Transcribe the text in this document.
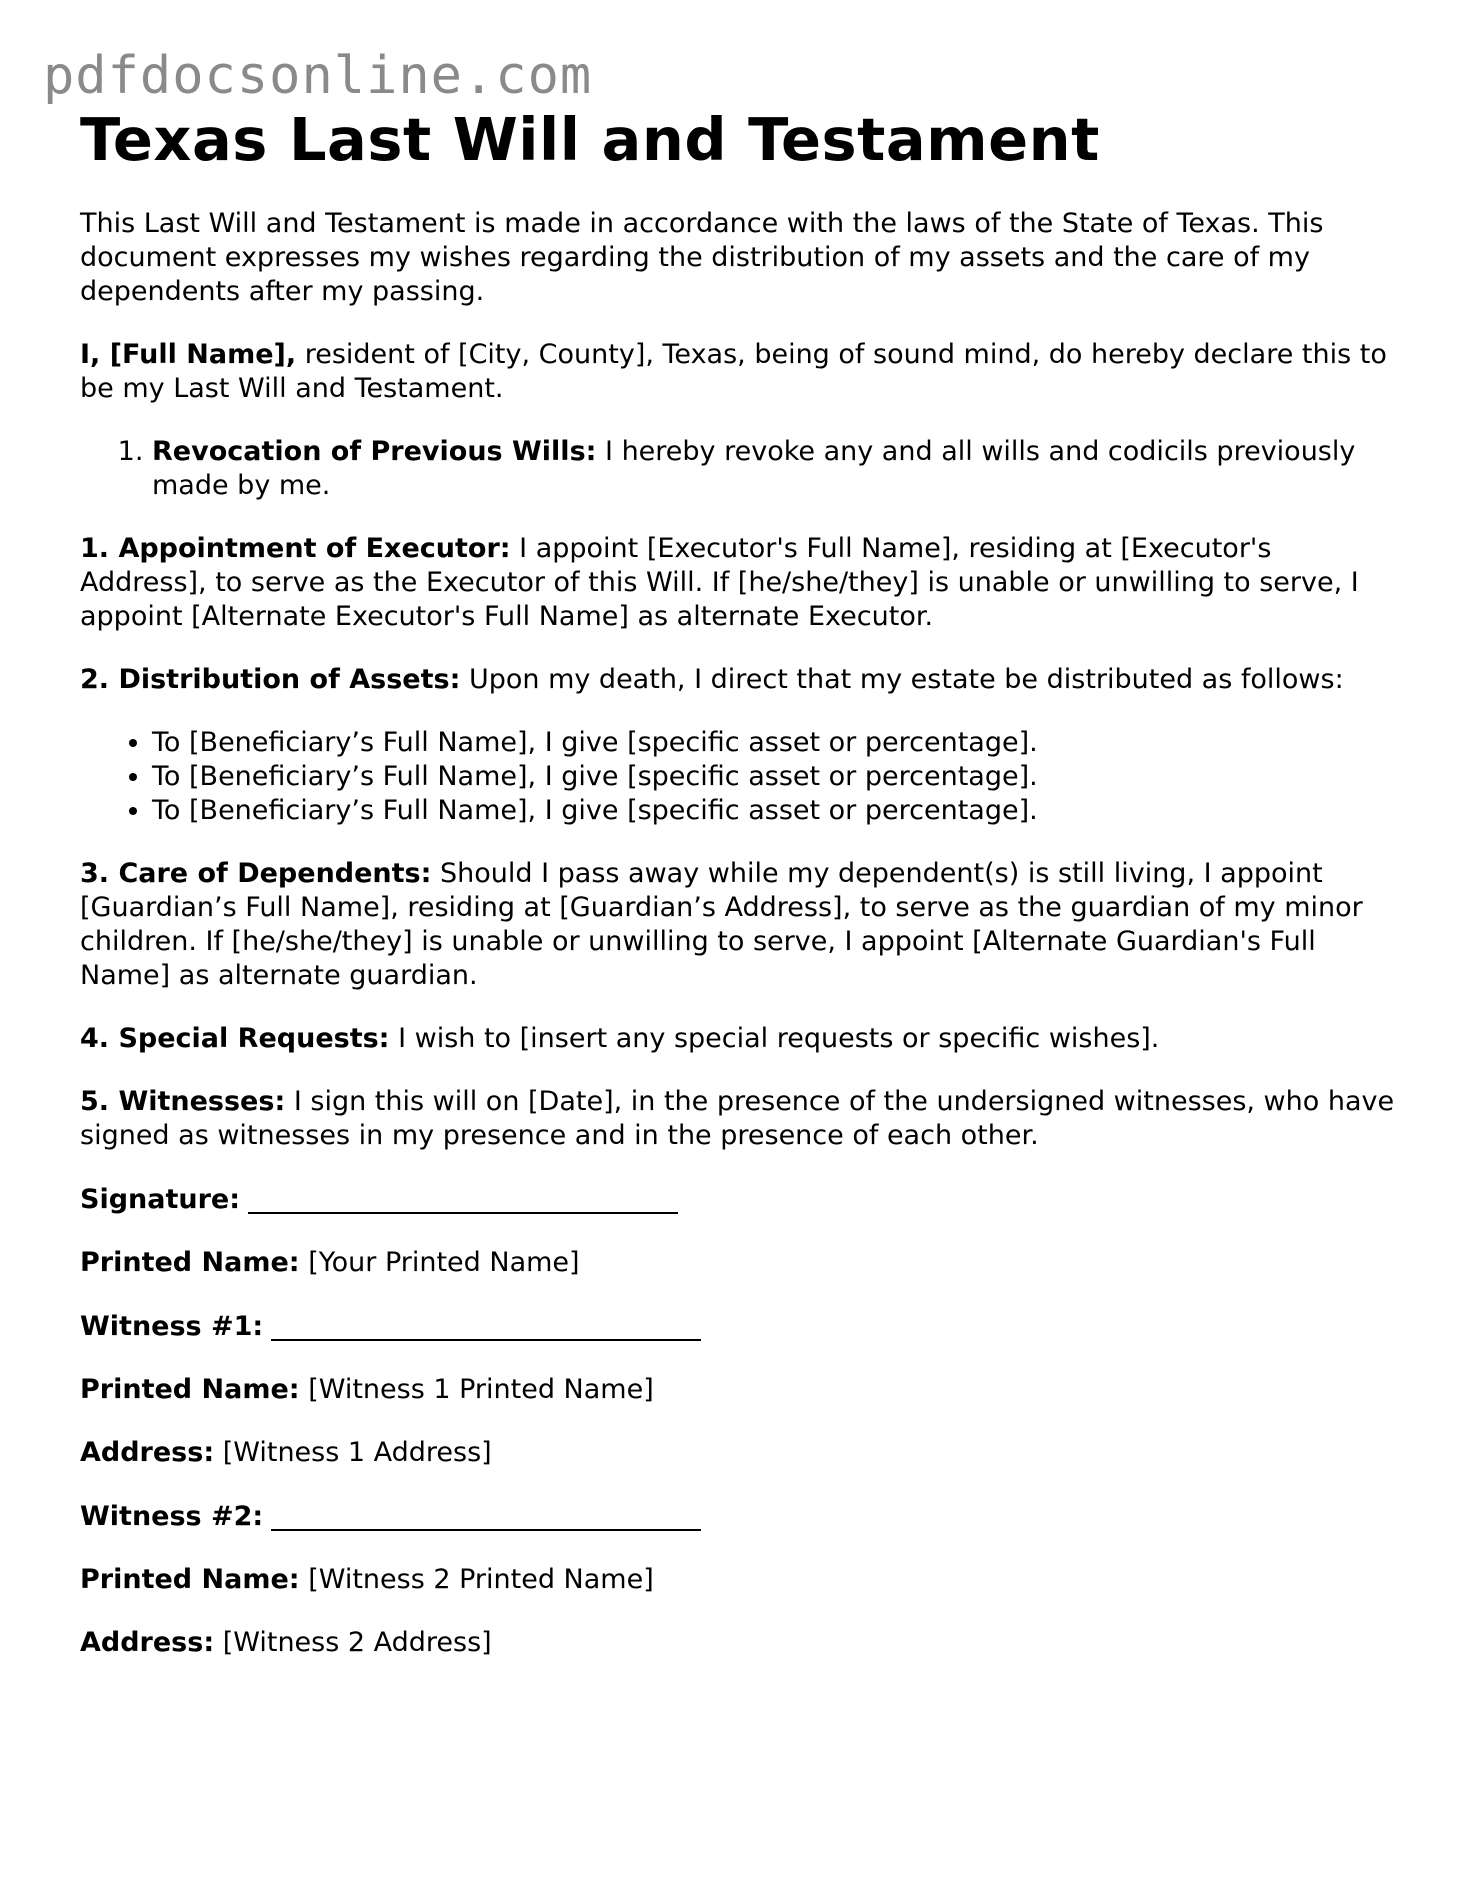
pdfdocsonline.com
Texas Last Will and Testament

This Last Will and Testament is made in accordance with the laws of the State of Texas. This document expresses my wishes regarding the distribution of my assets and the care of my dependents after my passing.

I, [Full Name], resident of [City, County], Texas, being of sound mind, do hereby declare this to be my Last Will and Testament.

1. Revocation of Previous Wills: I hereby revoke any and all wills and codicils previously made by me.

1. Appointment of Executor: I appoint [Executor's Full Name], residing at [Executor's Address], to serve as the Executor of this Will. If [he/she/they] is unable or unwilling to serve, I appoint [Alternate Executor's Full Name] as alternate Executor.

2. Distribution of Assets: Upon my death, I direct that my estate be distributed as follows:

• To [Beneficiary’s Full Name], I give [specific asset or percentage].
• To [Beneficiary’s Full Name], I give [specific asset or percentage].
• To [Beneficiary’s Full Name], I give [specific asset or percentage].

3. Care of Dependents: Should I pass away while my dependent(s) is still living, I appoint [Guardian’s Full Name], residing at [Guardian’s Address], to serve as the guardian of my minor children. If [he/she/they] is unable or unwilling to serve, I appoint [Alternate Guardian's Full Name] as alternate guardian.

4. Special Requests: I wish to [insert any special requests or specific wishes].

5. Witnesses: I sign this will on [Date], in the presence of the undersigned witnesses, who have signed as witnesses in my presence and in the presence of each other.

Signature:

Printed Name: [Your Printed Name]

Witness #1:

Printed Name: [Witness 1 Printed Name]

Address: [Witness 1 Address]

Witness #2:

Printed Name: [Witness 2 Printed Name]

Address: [Witness 2 Address]
